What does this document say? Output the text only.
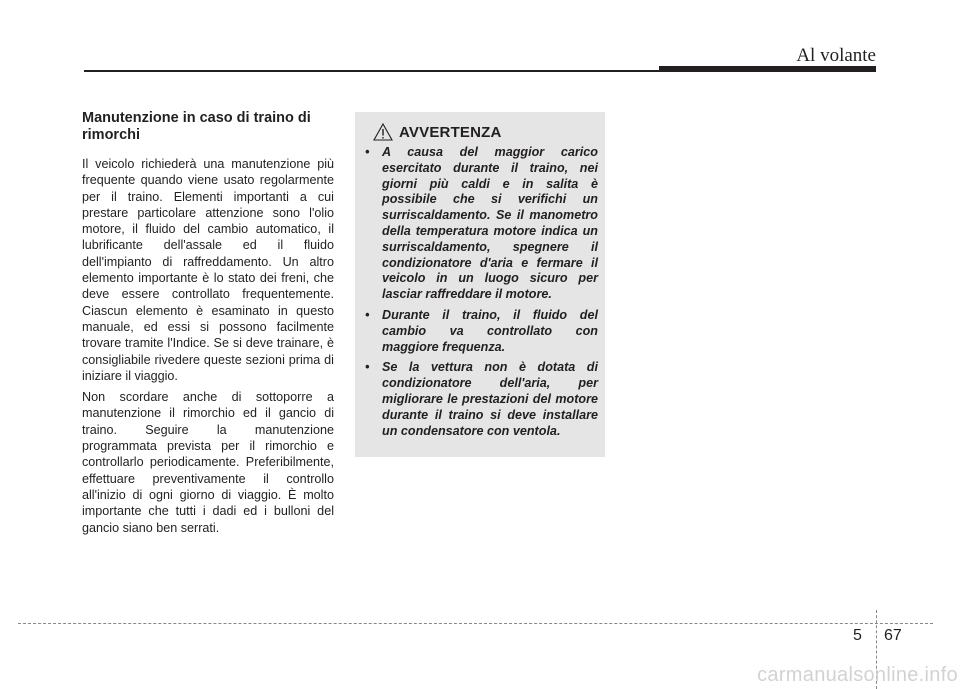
Al volante
Manutenzione in caso di traino di rimorchi

Il veicolo richiederà una manutenzione più frequente quando viene usato regolarmente per il traino. Elementi importanti a cui prestare particolare attenzione sono l'olio motore, il fluido del cambio automatico, il lubrificante dell'assale ed il fluido dell'impianto di raffreddamento. Un altro elemento importante è lo stato dei freni, che deve essere controllato frequentemente. Ciascun elemento è esaminato in questo manuale, ed essi si possono facilmente trovare tramite l'Indice. Se si deve trainare, è consigliabile rivedere queste sezioni prima di iniziare il viaggio.

Non scordare anche di sottoporre a manutenzione il rimorchio ed il gancio di traino. Seguire la manutenzione programmata prevista per il rimorchio e controllarlo periodicamente. Preferibilmente, effettuare preventivamente il controllo all'inizio di ogni giorno di viaggio. È molto importante che tutti i dadi ed i bulloni del gancio siano ben serrati.

AVVERTENZA
• A causa del maggior carico esercitato durante il traino, nei giorni più caldi e in salita è possibile che si verifichi un surriscaldamento. Se il manometro della temperatura motore indica un surriscaldamento, spegnere il condizionatore d'aria e fermare il veicolo in un luogo sicuro per lasciar raffreddare il motore.
• Durante il traino, il fluido del cambio va controllato con maggiore frequenza.
• Se la vettura non è dotata di condizionatore dell'aria, per migliorare le prestazioni del motore durante il traino si deve installare un condensatore con ventola.
5 67
carmanualsonline.info
